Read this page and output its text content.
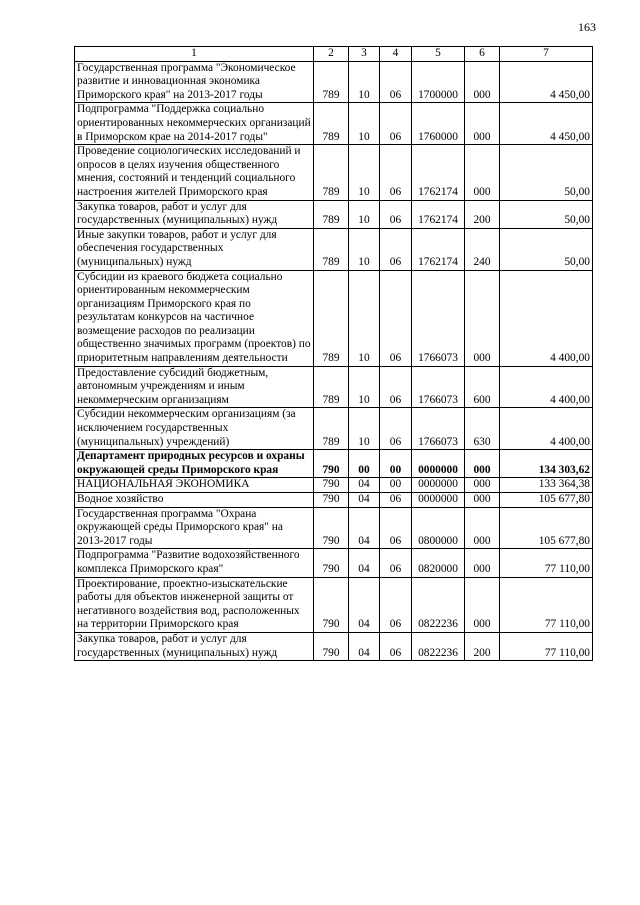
163
1	2	3	4	5	6	7
Государственная программа "Экономическое развитие и инновационная экономика Приморского края" на 2013-2017 годы	789	10	06	1700000	000	4 450,00
Подпрограмма "Поддержка социально ориентированных некоммерческих организаций в Приморском крае на 2014-2017 годы"	789	10	06	1760000	000	4 450,00
Проведение социологических исследований и опросов в целях изучения общественного мнения, состояний и тенденций социального настроения жителей Приморского края	789	10	06	1762174	000	50,00
Закупка товаров, работ и услуг для государственных (муниципальных) нужд	789	10	06	1762174	200	50,00
Иные закупки товаров, работ и услуг для обеспечения государственных (муниципальных) нужд	789	10	06	1762174	240	50,00
Субсидии из краевого бюджета социально ориентированным некоммерческим организациям Приморского края по результатам конкурсов на частичное возмещение расходов по реализации общественно значимых программ (проектов) по приоритетным направлениям деятельности	789	10	06	1766073	000	4 400,00
Предоставление субсидий бюджетным, автономным учреждениям и иным некоммерческим организациям	789	10	06	1766073	600	4 400,00
Субсидии некоммерческим организациям (за исключением государственных (муниципальных) учреждений)	789	10	06	1766073	630	4 400,00
Департамент природных ресурсов и охраны окружающей среды Приморского края	790	00	00	0000000	000	134 303,62
НАЦИОНАЛЬНАЯ ЭКОНОМИКА	790	04	00	0000000	000	133 364,38
Водное хозяйство	790	04	06	0000000	000	105 677,80
Государственная программа "Охрана окружающей среды Приморского края" на 2013-2017 годы	790	04	06	0800000	000	105 677,80
Подпрограмма "Развитие водохозяйственного комплекса Приморского края"	790	04	06	0820000	000	77 110,00
Проектирование, проектно-изыскательские работы для объектов инженерной защиты от негативного воздействия вод, расположенных на территории Приморского края	790	04	06	0822236	000	77 110,00
Закупка товаров, работ и услуг для государственных (муниципальных) нужд	790	04	06	0822236	200	77 110,00
